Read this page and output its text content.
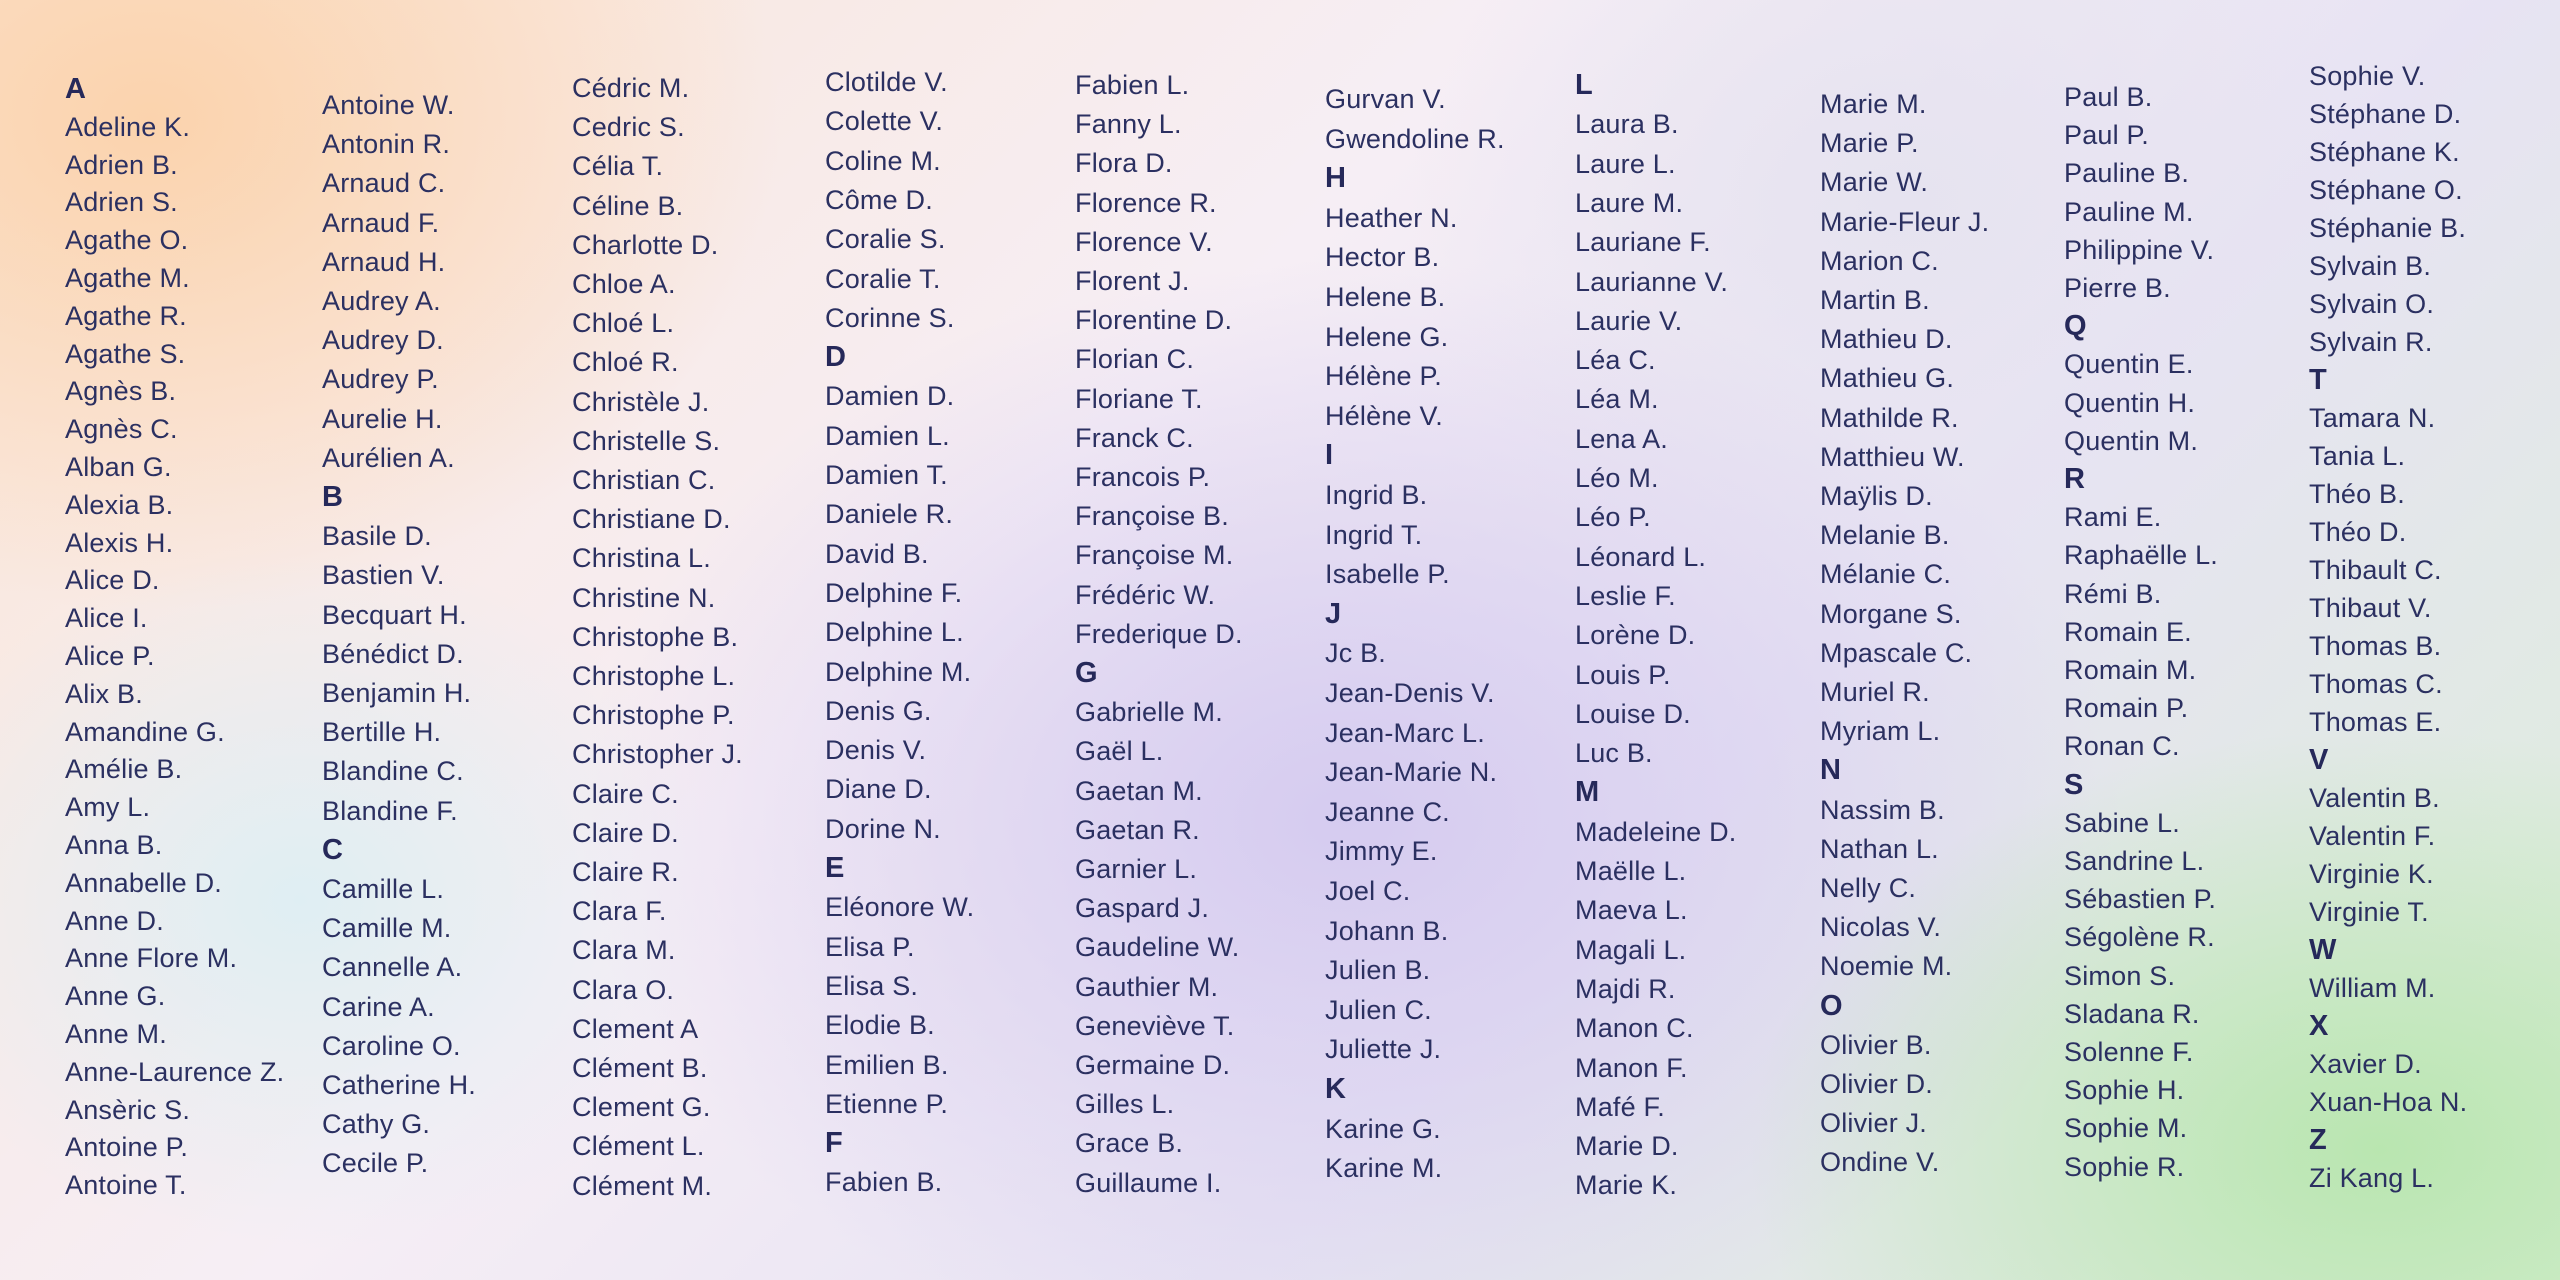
A
Adeline K.
Adrien B.
Adrien S.
Agathe O.
Agathe M.
Agathe R.
Agathe S.
Agnès B.
Agnès C.
Alban G.
Alexia B.
Alexis H.
Alice D.
Alice I.
Alice P.
Alix B.
Amandine G.
Amélie B.
Amy L.
Anna B.
Annabelle D.
Anne D.
Anne Flore M.
Anne G.
Anne M.
Anne-Laurence Z.
Ansèric S.
Antoine P.
Antoine T.
Antoine W.
Antonin R.
Arnaud C.
Arnaud F.
Arnaud H.
Audrey A.
Audrey D.
Audrey P.
Aurelie H.
Aurélien A.
B
Basile D.
Bastien V.
Becquart H.
Bénédict D.
Benjamin H.
Bertille H.
Blandine C.
Blandine F.
C
Camille L.
Camille M.
Cannelle A.
Carine A.
Caroline O.
Catherine H.
Cathy G.
Cecile P.
Cédric M.
Cedric S.
Célia T.
Céline B.
Charlotte D.
Chloe A.
Chloé L.
Chloé R.
Christèle J.
Christelle S.
Christian C.
Christiane D.
Christina L.
Christine N.
Christophe B.
Christophe L.
Christophe P.
Christopher J.
Claire C.
Claire D.
Claire R.
Clara F.
Clara M.
Clara O.
Clement A
Clément B.
Clement G.
Clément L.
Clément M.
Clotilde V.
Colette V.
Coline M.
Côme D.
Coralie S.
Coralie T.
Corinne S.
D
Damien D.
Damien L.
Damien T.
Daniele R.
David B.
Delphine F.
Delphine L.
Delphine M.
Denis G.
Denis V.
Diane D.
Dorine N.
E
Eléonore W.
Elisa P.
Elisa S.
Elodie B.
Emilien B.
Etienne P.
F
Fabien B.
Fabien L.
Fanny L.
Flora D.
Florence R.
Florence V.
Florent J.
Florentine D.
Florian C.
Floriane T.
Franck C.
Francois P.
Françoise B.
Françoise M.
Frédéric W.
Frederique D.
G
Gabrielle M.
Gaël L.
Gaetan M.
Gaetan R.
Garnier L.
Gaspard J.
Gaudeline W.
Gauthier M.
Geneviève T.
Germaine D.
Gilles L.
Grace B.
Guillaume I.
Gurvan V.
Gwendoline R.
H
Heather N.
Hector B.
Helene B.
Helene G.
Hélène P.
Hélène V.
I
Ingrid B.
Ingrid T.
Isabelle P.
J
Jc B.
Jean-Denis V.
Jean-Marc L.
Jean-Marie N.
Jeanne C.
Jimmy E.
Joel C.
Johann B.
Julien B.
Julien C.
Juliette J.
K
Karine G.
Karine M.
L
Laura B.
Laure L.
Laure M.
Lauriane F.
Laurianne V.
Laurie V.
Léa C.
Léa M.
Lena A.
Léo M.
Léo P.
Léonard L.
Leslie F.
Lorène D.
Louis P.
Louise D.
Luc B.
M
Madeleine D.
Maëlle L.
Maeva L.
Magali L.
Majdi R.
Manon C.
Manon F.
Mafé F.
Marie D.
Marie K.
Marie M.
Marie P.
Marie W.
Marie-Fleur J.
Marion C.
Martin B.
Mathieu D.
Mathieu G.
Mathilde R.
Matthieu W.
Maÿlis D.
Melanie B.
Mélanie C.
Morgane S.
Mpascale C.
Muriel R.
Myriam L.
N
Nassim B.
Nathan L.
Nelly C.
Nicolas V.
Noemie M.
O
Olivier B.
Olivier D.
Olivier J.
Ondine V.
Paul B.
Paul P.
Pauline B.
Pauline M.
Philippine V.
Pierre B.
Q
Quentin E.
Quentin H.
Quentin M.
R
Rami E.
Raphaëlle L.
Rémi B.
Romain E.
Romain M.
Romain P.
Ronan C.
S
Sabine L.
Sandrine L.
Sébastien P.
Ségolène R.
Simon S.
Sladana R.
Solenne F.
Sophie H.
Sophie M.
Sophie R.
Sophie V.
Stéphane D.
Stéphane K.
Stéphane O.
Stéphanie B.
Sylvain B.
Sylvain O.
Sylvain R.
T
Tamara N.
Tania L.
Théo B.
Théo D.
Thibault C.
Thibaut V.
Thomas B.
Thomas C.
Thomas E.
V
Valentin B.
Valentin F.
Virginie K.
Virginie T.
W
William M.
X
Xavier D.
Xuan-Hoa N.
Z
Zi Kang L.
